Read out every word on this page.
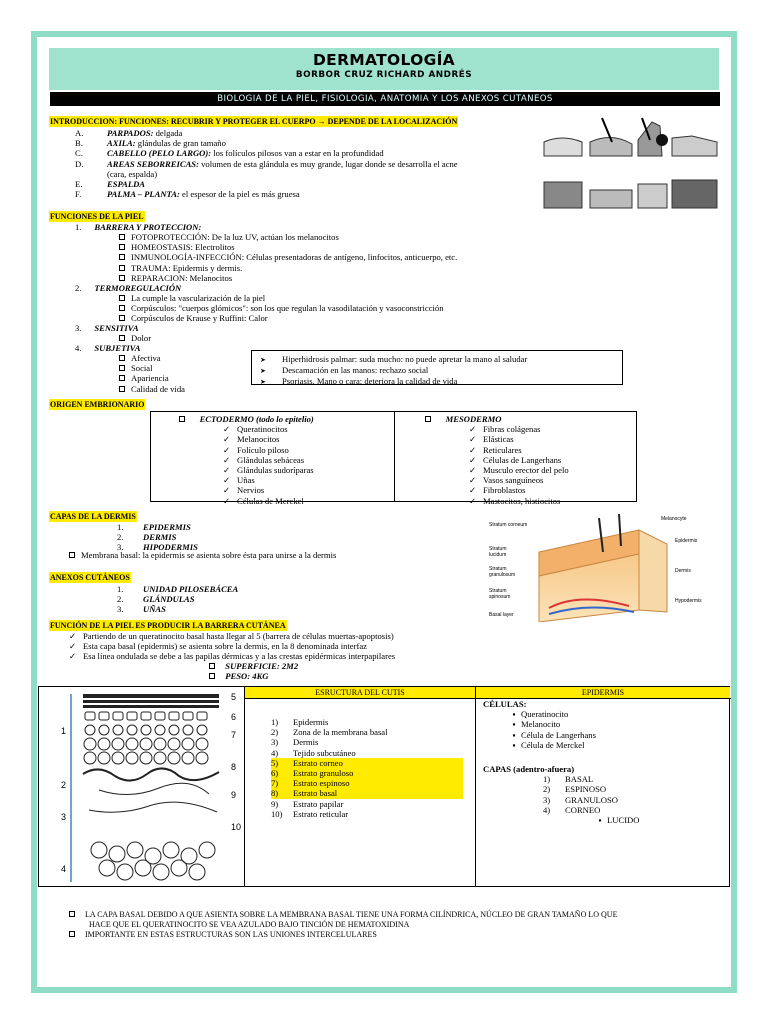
DERMATOLOGÍA
BORBOR CRUZ RICHARD ANDRÉS
BIOLOGIA DE LA PIEL, FISIOLOGIA, ANATOMIA Y LOS ANEXOS CUTANEOS
INTRODUCCION: FUNCIONES: RECUBRIR Y PROTEGER EL CUERPO → DEPENDE DE LA LOCALIZACIÓN
A.	PARPADOS: delgada
B.	AXILA: glándulas de gran tamaño
C.	CABELLO (PELO LARGO): los folículos pilosos van a estar en la profundidad
D.	AREAS SEBORREICAS: volumen de esta glándula es muy grande, lugar donde se desarrolla el acne
(cara, espalda)
E.	ESPALDA
F.	PALMA – PLANTA: el espesor de la piel es más gruesa
FUNCIONES DE LA PIEL
1. BARRERA Y PROTECCION:
FOTOPROTECCIÓN: De la luz UV, actúan los melanocitos
HOMEOSTASIS: Electrolitos
INMUNOLOGÍA-INFECCIÓN: Células presentadoras de antígeno, linfocitos, anticuerpo, etc.
TRAUMA: Epidermis y dermis.
REPARACION: Melanocitos
2. TERMOREGULACIÓN
La cumple la vascularización de la piel
Corpúsculos: "cuerpos glómicos": son los que regulan la vasodilatación y vasoconstricción
Corpúsculos de Krause y Ruffini: Calor
3. SENSITIVA
Dolor
4. SUBJETIVA
Afectiva
Social
Apariencia
Calidad de vida
➤ Hiperhidrosis palmar: suda mucho: no puede apretar la mano al saludar
➤ Descamación en las manos: rechazo social
➤ Psoriasis. Mano o cara: deteriora la calidad de vida
ORIGEN EMBRIONARIO
ECTODERMO (todo lo epitelio)
✓ Queratinocitos
✓ Melanocitos
✓ Folículo piloso
✓ Glándulas sebáceas
✓ Glándulas sudoríparas
✓ Uñas
✓ Nervios
✓ Células de Merckel
MESODERMO
✓ Fibras colágenas
✓ Elásticas
✓ Reticulares
✓ Células de Langerhans
✓ Musculo erector del pelo
✓ Vasos sanguíneos
✓ Fibroblastos
✓ Mastocitos, histiocitos
CAPAS DE LA DERMIS
1. EPIDERMIS
2. DERMIS
3. HIPODERMIS
Membrana basal: la epidermis se asienta sobre ésta para unirse a la dermis
Stratum corneum
Stratum lucidum
Stratum granulosum
Stratum spinosum
Basal layer
Melanocyte
Epidermis
Dermis
Hypodermis
ANEXOS CUTÁNEOS
1. UNIDAD PILOSEBÁCEA
2. GLÁNDULAS
3. UÑAS
FUNCIÓN DE LA PIEL ES PRODUCIR LA BARRERA CUTÁNEA
✓ Partiendo de un queratinocito basal hasta llegar al 5 (barrera de células muertas-apoptosis)
✓ Esta capa basal (epidermis) se asienta sobre la dermis, en la 8 denominada interfaz
✓ Esa línea ondulada se debe a las papilas dérmicas y a las crestas epidérmicas interpapilares
SUPERFICIE: 2M2
PESO: 4KG
1
2
3
4
5
6
7
8
9
10
ESRUCTURA DEL CUTIS	EPIDERMIS
1) Epidermis
2) Zona de la membrana basal
3) Dermis
4) Tejido subcutáneo
5) Estrato corneo
6) Estrato granuloso
7) Estrato espinoso
8) Estrato basal
9) Estrato papilar
10) Estrato reticular
CÉLULAS:
▪ Queratinocito
▪ Melanocito
▪ Célula de Langerhans
▪ Célula de Merckel
CAPAS (adentro-afuera)
1) BASAL
2) ESPINOSO
3) GRANULOSO
4) CORNEO
▪ LUCIDO
LA CAPA BASAL DEBIDO A QUE ASIENTA SOBRE LA MEMBRANA BASAL TIENE UNA FORMA CILÍNDRICA, NÚCLEO DE GRAN TAMAÑO LO QUE
HACE QUE EL QUERATINOCITO SE VEA AZULADO BAJO TINCIÓN DE HEMATOXIDINA
IMPORTANTE EN ESTAS ESTRUCTURAS SON LAS UNIONES INTERCELULARES
